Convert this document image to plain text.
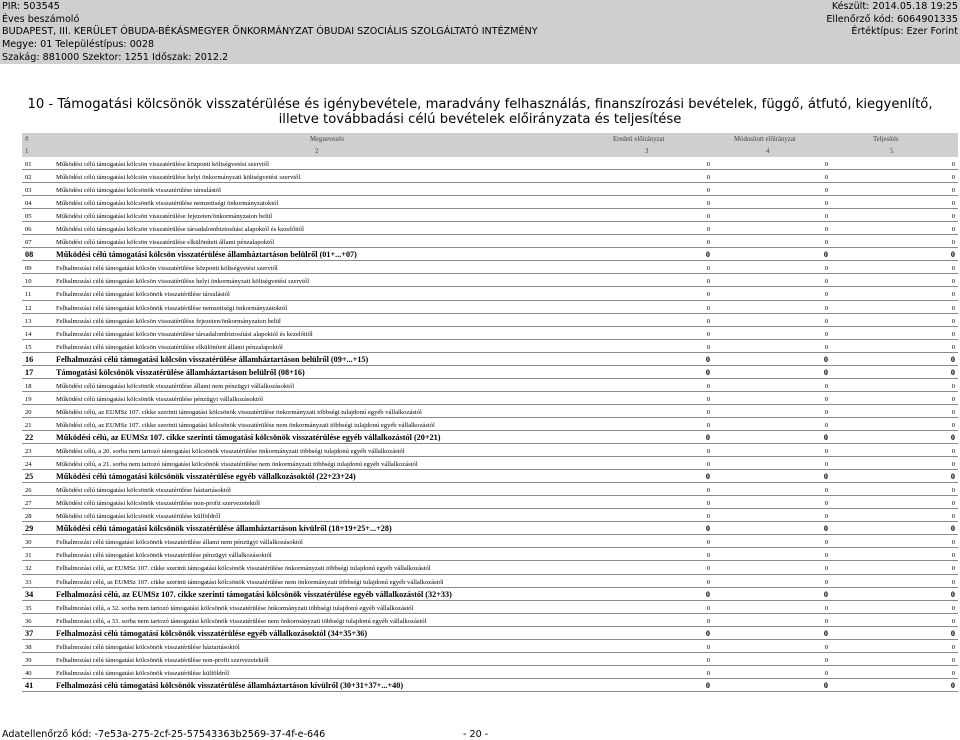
PIR: 503545
Éves beszámoló
BUDAPEST, III. KERÜLET ÓBUDA-BÉKÁSMEGYER ÖNKORMÁNYZAT ÓBUDAI SZOCIÁLIS SZOLGÁLTATÓ INTÉZMÉNY
Megye: 01 Településtípus: 0028
Szakág: 881000 Szektor: 1251 Időszak: 2012.2
Készült: 2014.05.18 19:25
Ellenőrző kód: 6064901335
Értéktípus: Ezer Forint
10 - Támogatási kölcsönök visszatérülése és igénybevétele, maradvány felhasználás, finanszírozási bevételek, függő, átfutó, kiegyenlítő, illetve továbbadási célú bevételek előirányzata és teljesítése
#	Megnevezés	Eredeti előirányzat	Módosított előirányzat	Teljesítés
1	2	3	4	5
01	Működési célú támogatási kölcsön visszatérülése központi költségvetési szervtől	0	0	0
02	Működési célú támogatási kölcsön visszatérülése helyi önkormányzati költségvetési szervtől	0	0	0
03	Működési célú támogatási kölcsönök visszatérülése társulástól	0	0	0
04	Működési célú támogatási kölcsönök visszatérülése nemzetiségi önkormányzatoktól	0	0	0
05	Működési célú támogatási kölcsön visszatérülése fejezeten/önkormányzaton belül	0	0	0
06	Működési célú támogatási kölcsön visszatérülése társadalombiztosítási alapoktól és kezelőitől	0	0	0
07	Működési célú támogatási kölcsön visszatérülése elkülönített állami pénzalapoktól	0	0	0
08	Működési célú támogatási kölcsön visszatérülése államháztartáson belülről (01+...+07)	0	0	0
09	Felhalmozási célú támogatási kölcsön visszatérülése központi költségvetési szervtől	0	0	0
10	Felhalmozási célú támogatási kölcsön visszatérülése helyi önkormányzati költségvetési szervtől	0	0	0
11	Felhalmozási célú támogatási kölcsönök visszatérülése társulástól	0	0	0
12	Felhalmozási célú támogatási kölcsönök visszatérülése nemzetiségi önkormányzatoktól	0	0	0
13	Felhalmozási célú támogatási kölcsön visszatérülése fejezeten/önkormányzaton belül	0	0	0
14	Felhalmozási célú támogatási kölcsön visszatérülése társadalombiztosítási alapoktól és kezelőitől	0	0	0
15	Felhalmozási célú támogatási kölcsön visszatérülése elkülönített állami pénzalapoktól	0	0	0
16	Felhalmozási célú támogatási kölcsön visszatérülése államháztartáson belülről (09+...+15)	0	0	0
17	Támogatási kölcsönök visszatérülése államháztartáson belülről (08+16)	0	0	0
18	Működési célú támogatási kölcsönök visszatérülése állami nem pénzügyi vállalkozásoktól	0	0	0
19	Működési célú támogatási kölcsönök visszatérülése pénzügyi vállalkozásoktól	0	0	0
20	Működési célú, az EUMSz 107. cikke szerinti támogatási kölcsönök visszatérülése önkormányzati többségi tulajdonú egyéb vállalkozástól	0	0	0
21	Működési célú, az EUMSz 107. cikke szerinti támogatási kölcsönök visszatérülése nem önkormányzati többségi tulajdonú egyéb vállalkozástól	0	0	0
22	Működési célú, az EUMSz 107. cikke szerinti támogatási kölcsönök visszatérülése egyéb vállalkozástól (20+21)	0	0	0
23	Működési célú, a 20. sorba nem tartozó támogatási kölcsönök visszatérülése önkormányzati többségi tulajdonú egyéb vállalkozástól	0	0	0
24	Működési célú, a 21. sorba nem tartozó támogatási kölcsönök visszatérülése nem önkormányzati többségi tulajdonú egyéb vállalkozástól	0	0	0
25	Működési célú támogatási kölcsönök visszatérülése egyéb vállalkozásoktól (22+23+24)	0	0	0
26	Működési célú támogatási kölcsönök visszatérülése háztartásoktól	0	0	0
27	Működési célú támogatási kölcsönök visszatérülése non-profit szervezetektől	0	0	0
28	Működési célú támogatási kölcsönök visszatérülése külföldről	0	0	0
29	Működési célú támogatási kölcsönök visszatérülése államháztartáson kívülről (18+19+25+...+28)	0	0	0
30	Felhalmozási célú támogatási kölcsönök visszatérülése állami nem pénzügyi vállalkozásoktól	0	0	0
31	Felhalmozási célú támogatási kölcsönök visszatérülése pénzügyi vállalkozásoktól	0	0	0
32	Felhalmozási célú, az EUMSz 107. cikke szerinti támogatási kölcsönök visszatérülése önkormányzati többségi tulajdonú egyéb vállalkozástól	0	0	0
33	Felhalmozási célú, az EUMSz 107. cikke szerinti támogatási kölcsönök visszatérülése nem önkormányzati többségi tulajdonú egyéb vállalkozástól	0	0	0
34	Felhalmozási célú, az EUMSz 107. cikke szerinti támogatási kölcsönök visszatérülése egyéb vállalkozástól (32+33)	0	0	0
35	Felhalmozási célú, a 32. sorba nem tartozó támogatási kölcsönök visszatérülése önkormányzati többségi tulajdonú egyéb vállalkozástól	0	0	0
36	Felhalmozási célú, a 33. sorba nem tartozó támogatási kölcsönök visszatérülése nem önkormányzati többségi tulajdonú egyéb vállalkozástól	0	0	0
37	Felhalmozási célú támogatási kölcsönök visszatérülése egyéb vállalkozásoktól (34+35+36)	0	0	0
38	Felhalmozási célú támogatási kölcsönök visszatérülése háztartásoktól	0	0	0
39	Felhalmozási célú támogatási kölcsönök visszatérülése non-profit szervezetektől	0	0	0
40	Felhalmozási célú támogatási kölcsönök visszatérülése külföldről	0	0	0
41	Felhalmozási célú támogatási kölcsönök visszatérülése államháztartáson kívülről (30+31+37+...+40)	0	0	0
Adatellenőrző kód: -7e53a-275-2cf-25-57543363b2569-37-4f-e-646	- 20 -
